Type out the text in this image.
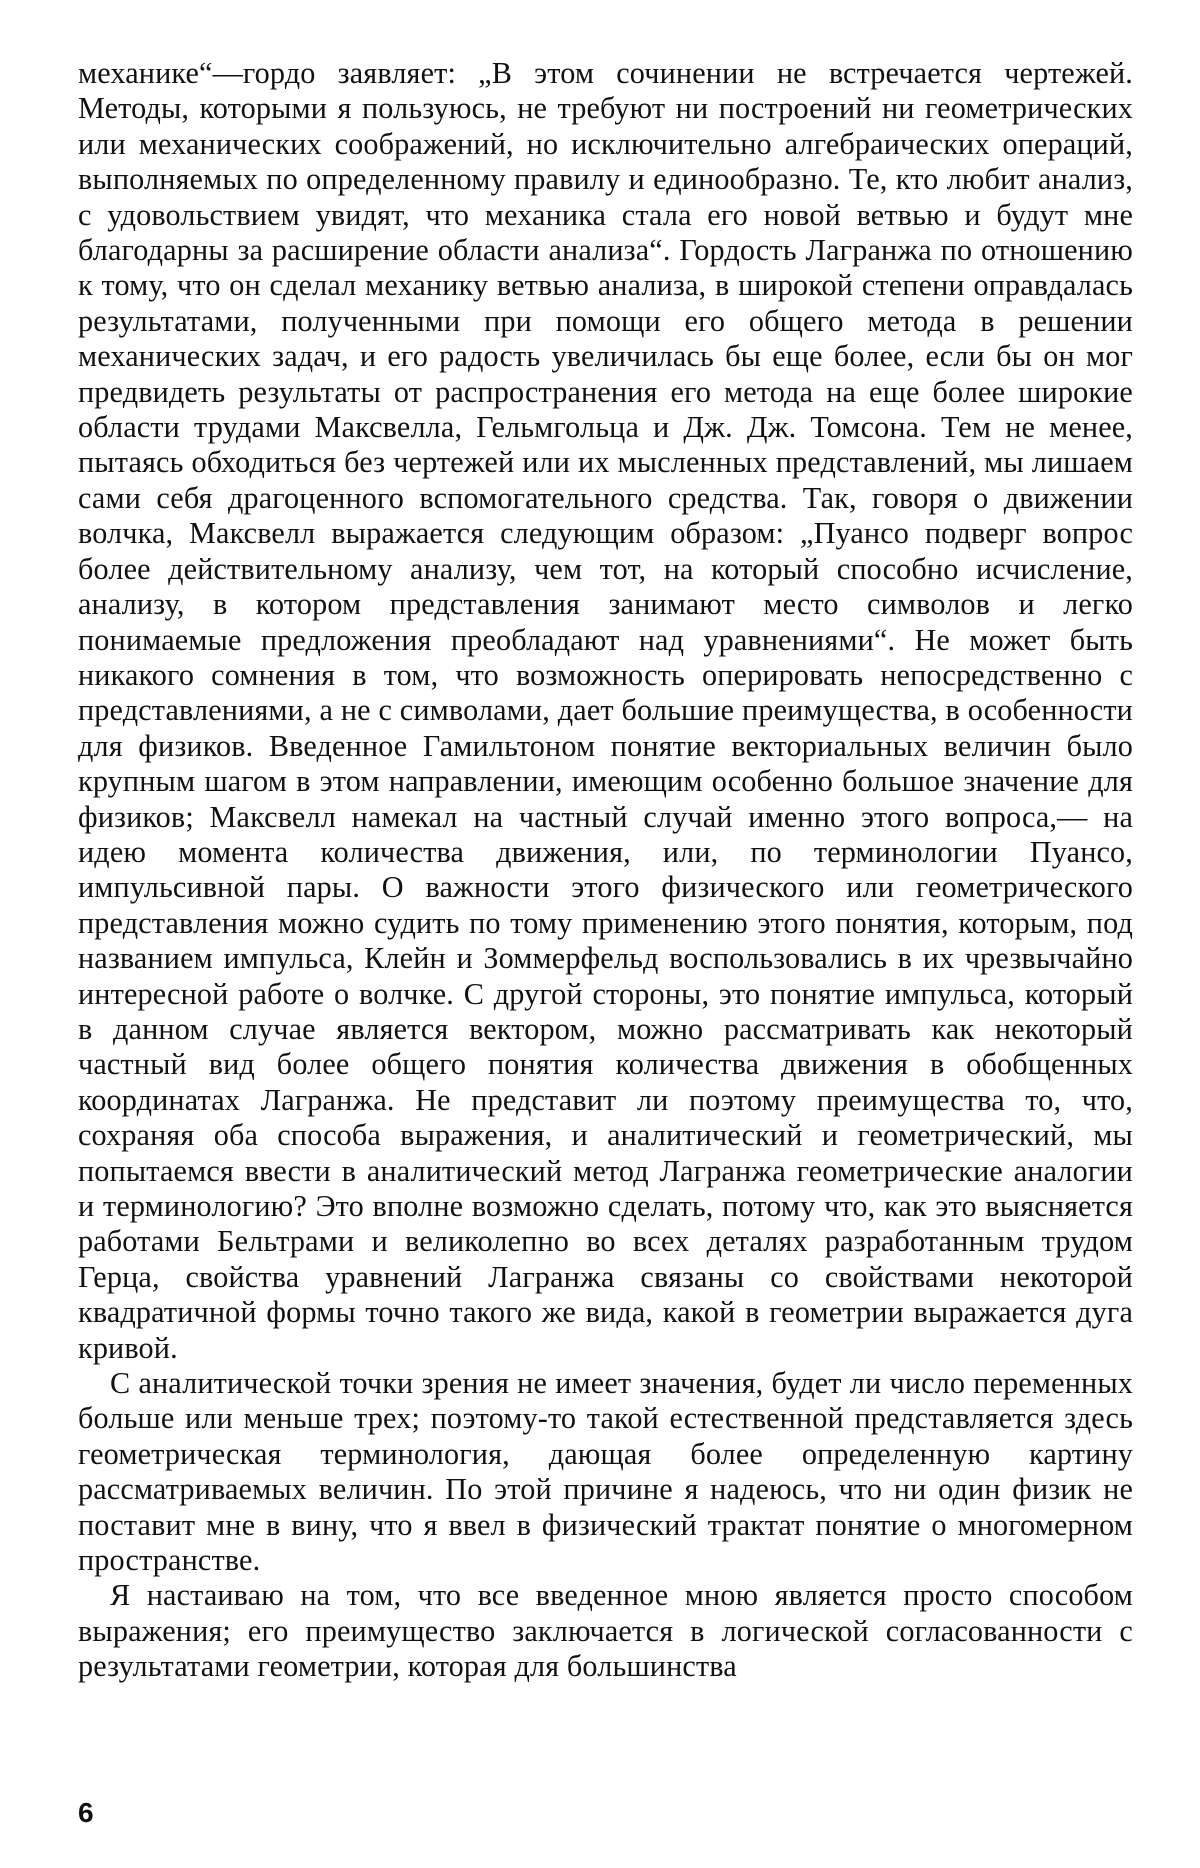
механике“—гордо заявляет: „В этом сочинении не встречается чертежей. Методы, которыми я пользуюсь, не требуют ни построений ни геометрических или механических соображений, но исключительно алгебраических операций, выполняемых по определенному правилу и единообразно. Те, кто любит анализ, с удовольствием увидят, что механика стала его новой ветвью и будут мне благодарны за расширение области анализа“. Гордость Лагранжа по отношению к тому, что он сделал механику ветвью анализа, в широкой степени оправдалась результатами, полученными при помощи его общего метода в решении механических задач, и его радость увеличилась бы еще более, если бы он мог предвидеть результаты от распространения его метода на еще более широкие области трудами Максвелла, Гельмгольца и Дж. Дж. Томсона. Тем не менее, пытаясь обходиться без чертежей или их мысленных представлений, мы лишаем сами себя драгоценного вспомогательного средства. Так, говоря о движении волчка, Максвелл выражается следующим образом: „Пуансо подверг вопрос более действительному анализу, чем тот, на который способно исчисление, анализу, в котором представления занимают место символов и легко понимаемые предложения преобладают над уравнениями“. Не может быть никакого сомнения в том, что возможность оперировать непосредственно с представлениями, а не с символами, дает большие преимущества, в особенности для физиков. Введенное Гамильтоном понятие векториальных величин было крупным шагом в этом направлении, имеющим особенно большое значение для физиков; Максвелл намекал на частный случай именно этого вопроса,— на идею момента количества движения, или, по терминологии Пуансо, импульсивной пары. О важности этого физического или геометрического представления можно судить по тому применению этого понятия, которым, под названием импульса, Клейн и Зоммерфельд воспользовались в их чрезвычайно интересной работе о волчке. С другой стороны, это понятие импульса, который в данном случае является вектором, можно рассматривать как некоторый частный вид более общего понятия количества движения в обобщенных координатах Лагранжа. Не представит ли поэтому преимущества то, что, сохраняя оба способа выражения, и аналитический и геометрический, мы попытаемся ввести в аналитический метод Лагранжа геометрические аналогии и терминологию? Это вполне возможно сделать, потому что, как это выясняется работами Бельтрами и великолепно во всех деталях разработанным трудом Герца, свойства уравнений Лагранжа связаны со свойствами некоторой квадратичной формы точно такого же вида, какой в геометрии выражается дуга кривой.

С аналитической точки зрения не имеет значения, будет ли число переменных больше или меньше трех; поэтому-то такой естественной представляется здесь геометрическая терминология, дающая более определенную картину рассматриваемых величин. По этой причине я надеюсь, что ни один физик не поставит мне в вину, что я ввел в физический трактат понятие о многомерном пространстве.

Я настаиваю на том, что все введенное мною является просто способом выражения; его преимущество заключается в логической согласованности с результатами геометрии, которая для большинства

6
